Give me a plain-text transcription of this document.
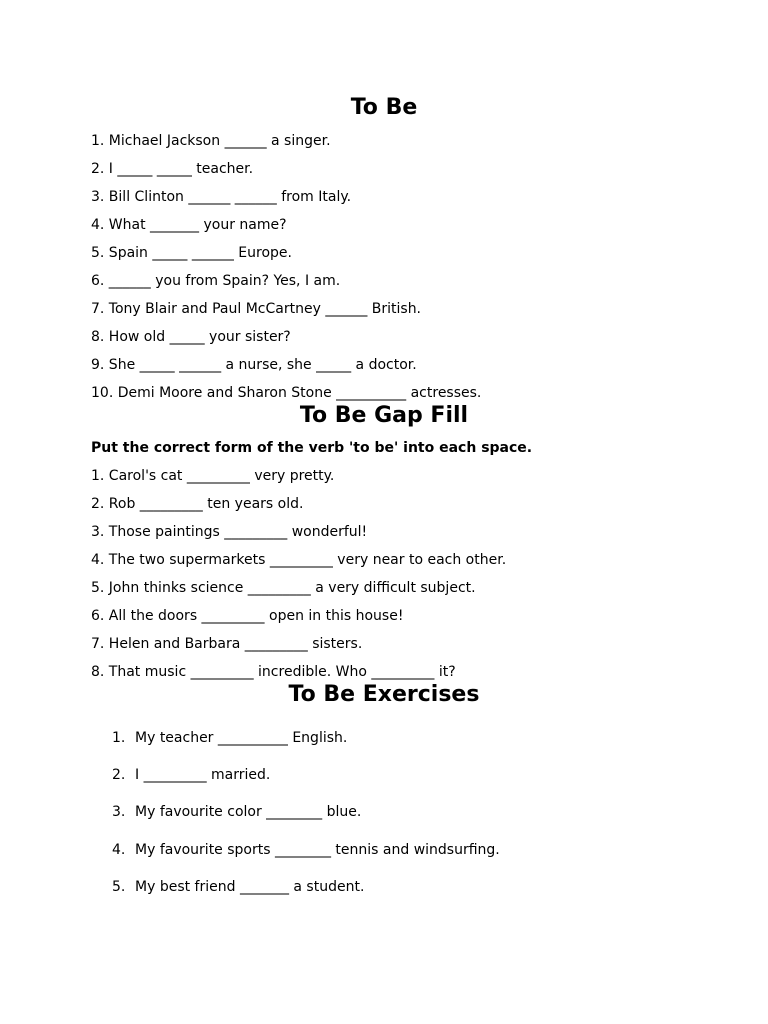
To Be

1. Michael Jackson ______ a singer.

2. I _____ _____ teacher.

3. Bill Clinton ______ ______ from Italy.

4. What _______ your name?

5. Spain _____ ______ Europe.

6. ______ you from Spain? Yes, I am.

7. Tony Blair and Paul McCartney ______ British.

8. How old _____ your sister?

9. She _____ ______ a nurse, she _____ a doctor.

10. Demi Moore and Sharon Stone __________ actresses.

To Be Gap Fill

Put the correct form of the verb 'to be' into each space.

1. Carol's cat _________ very pretty.

2. Rob _________ ten years old.

3. Those paintings _________ wonderful!

4. The two supermarkets _________ very near to each other.

5. John thinks science _________ a very difficult subject.

6. All the doors _________ open in this house!

7. Helen and Barbara _________ sisters.

8. That music _________ incredible. Who _________ it?

To Be Exercises

1. My teacher __________ English.

2. I _________ married.

3. My favourite color ________ blue.

4. My favourite sports ________ tennis and windsurfing.

5. My best friend _______ a student.
